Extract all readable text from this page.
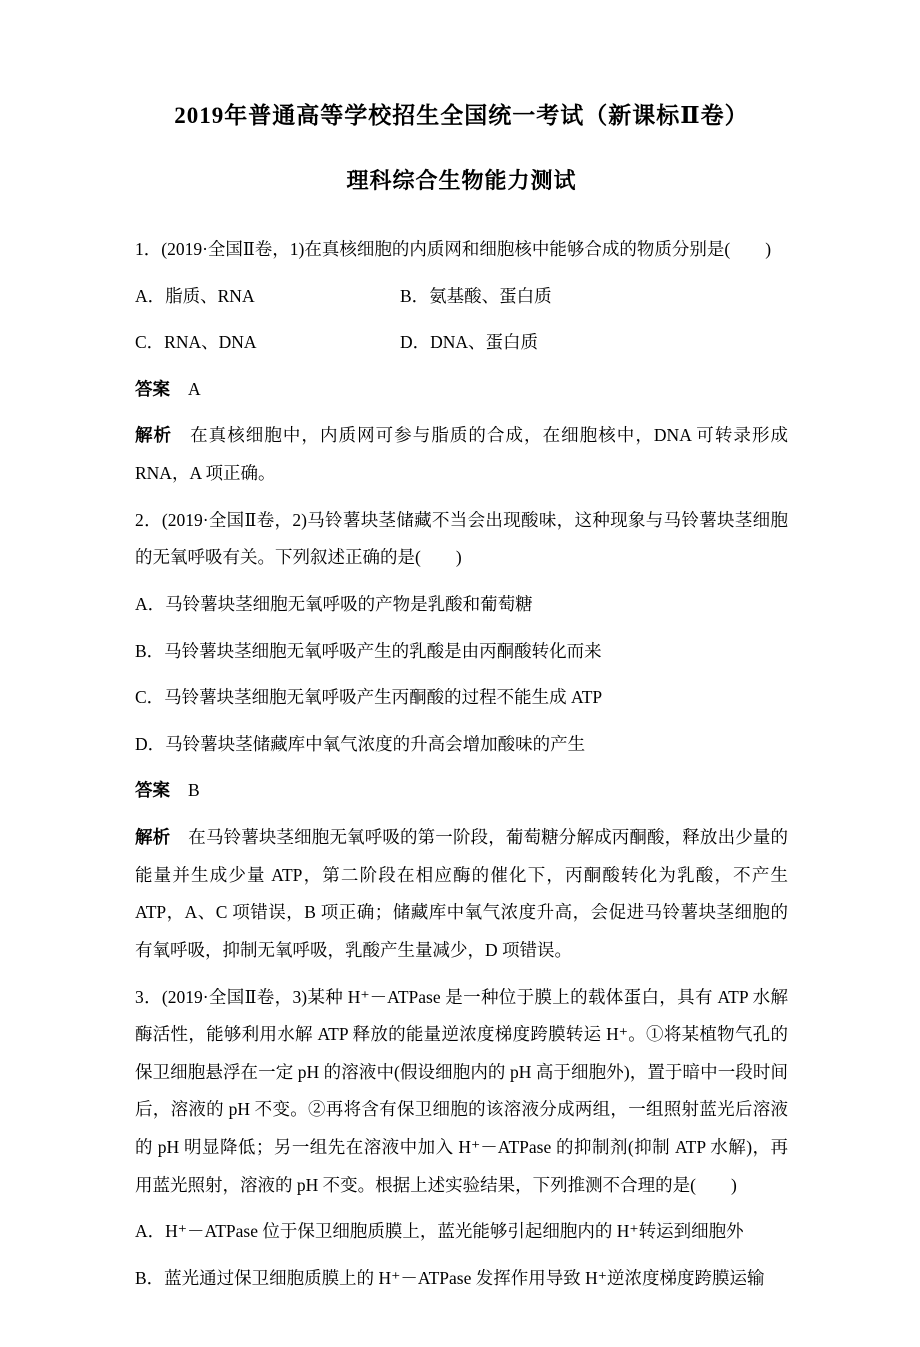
2019年普通高等学校招生全国统一考试（新课标Ⅱ卷）
理科综合生物能力测试

1．(2019·全国Ⅱ卷，1)在真核细胞的内质网和细胞核中能够合成的物质分别是(　　)

A．脂质、RNA	B．氨基酸、蛋白质
C．RNA、DNA	D．DNA、蛋白质

答案 A

解析 在真核细胞中，内质网可参与脂质的合成，在细胞核中，DNA 可转录形成 RNA，A 项正确。

2．(2019·全国Ⅱ卷，2)马铃薯块茎储藏不当会出现酸味，这种现象与马铃薯块茎细胞的无氧呼吸有关。下列叙述正确的是(　　)

A．马铃薯块茎细胞无氧呼吸的产物是乳酸和葡萄糖

B．马铃薯块茎细胞无氧呼吸产生的乳酸是由丙酮酸转化而来

C．马铃薯块茎细胞无氧呼吸产生丙酮酸的过程不能生成 ATP

D．马铃薯块茎储藏库中氧气浓度的升高会增加酸味的产生

答案 B

解析 在马铃薯块茎细胞无氧呼吸的第一阶段，葡萄糖分解成丙酮酸，释放出少量的能量并生成少量 ATP，第二阶段在相应酶的催化下，丙酮酸转化为乳酸，不产生 ATP，A、C 项错误，B 项正确；储藏库中氧气浓度升高，会促进马铃薯块茎细胞的有氧呼吸，抑制无氧呼吸，乳酸产生量减少，D 项错误。

3．(2019·全国Ⅱ卷，3)某种 H⁺－ATPase 是一种位于膜上的载体蛋白，具有 ATP 水解酶活性，能够利用水解 ATP 释放的能量逆浓度梯度跨膜转运 H⁺。①将某植物气孔的保卫细胞悬浮在一定 pH 的溶液中(假设细胞内的 pH 高于细胞外)，置于暗中一段时间后，溶液的 pH 不变。②再将含有保卫细胞的该溶液分成两组，一组照射蓝光后溶液的 pH 明显降低；另一组先在溶液中加入 H⁺－ATPase 的抑制剂(抑制 ATP 水解)，再用蓝光照射，溶液的 pH 不变。根据上述实验结果，下列推测不合理的是(　　)

A．H⁺－ATPase 位于保卫细胞质膜上，蓝光能够引起细胞内的 H⁺转运到细胞外

B．蓝光通过保卫细胞质膜上的 H⁺－ATPase 发挥作用导致 H⁺逆浓度梯度跨膜运输
